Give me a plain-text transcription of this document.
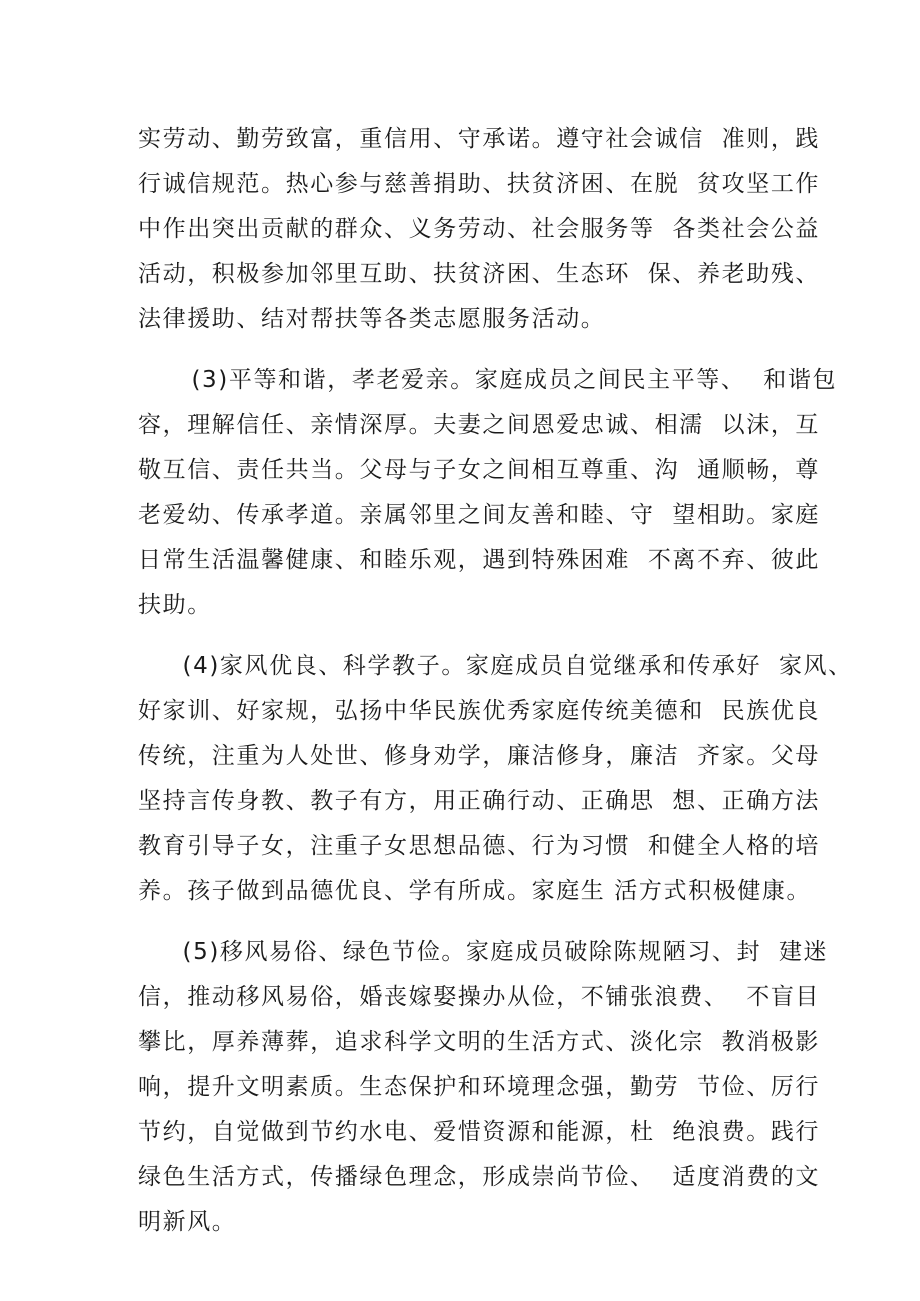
实劳动、勤劳致富，重信用、守承诺。遵守社会诚信  准则，践
行诚信规范。热心参与慈善捐助、扶贫济困、在脱  贫攻坚工作
中作出突出贡献的群众、义务劳动、社会服务等  各类社会公益
活动，积极参加邻里互助、扶贫济困、生态环  保、养老助残、
法律援助、结对帮扶等各类志愿服务活动。
(3)平等和谐，孝老爱亲。家庭成员之间民主平等、  和谐包
容，理解信任、亲情深厚。夫妻之间恩爱忠诚、相濡  以沫，互
敬互信、责任共当。父母与子女之间相互尊重、沟  通顺畅，尊
老爱幼、传承孝道。亲属邻里之间友善和睦、守  望相助。家庭
日常生活温馨健康、和睦乐观，遇到特殊困难  不离不弃、彼此
扶助。
(4)家风优良、科学教子。家庭成员自觉继承和传承好  家风、
好家训、好家规，弘扬中华民族优秀家庭传统美德和  民族优良
传统，注重为人处世、修身劝学，廉洁修身，廉洁  齐家。父母
坚持言传身教、教子有方，用正确行动、正确思  想、正确方法
教育引导子女，注重子女思想品德、行为习惯  和健全人格的培
养。孩子做到品德优良、学有所成。家庭生 活方式积极健康。
(5)移风易俗、绿色节俭。家庭成员破除陈规陋习、封  建迷
信，推动移风易俗，婚丧嫁娶操办从俭，不铺张浪费、  不盲目
攀比，厚养薄葬，追求科学文明的生活方式、淡化宗  教消极影
响，提升文明素质。生态保护和环境理念强，勤劳  节俭、厉行
节约，自觉做到节约水电、爱惜资源和能源，杜  绝浪费。践行
绿色生活方式，传播绿色理念，形成崇尚节俭、  适度消费的文
明新风。
